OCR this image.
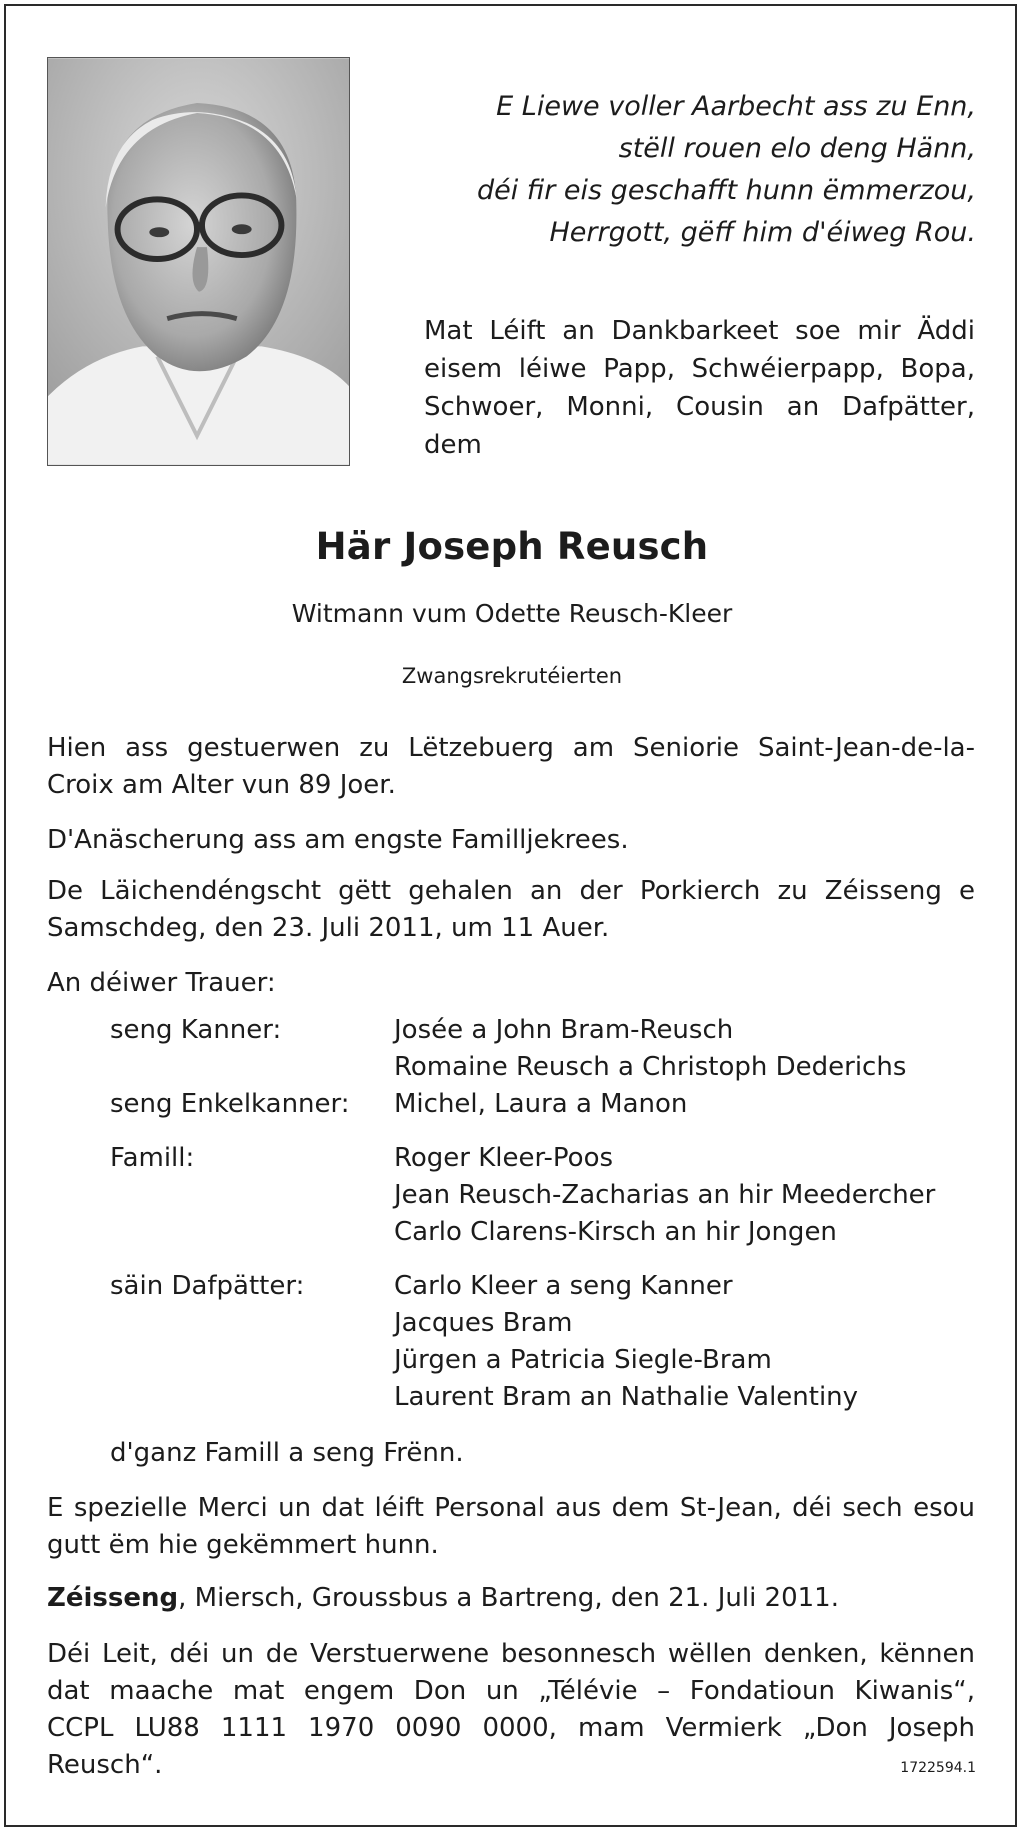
E Liewe voller Aarbecht ass zu Enn,
stëll rouen elo deng Hänn,
déi fir eis geschafft hunn ëmmerzou,
Herrgott, gëff him d'éiweg Rou.
Mat Léift an Dankbarkeet soe mir Äddi
eisem léiwe Papp, Schwéierpapp, Bopa,
Schwoer, Monni, Cousin an Dafpätter,
dem
Här Joseph Reusch
Witmann vum Odette Reusch-Kleer
Zwangsrekrutéierten
Hien ass gestuerwen zu Lëtzebuerg am Seniorie Saint-Jean-de-la-
Croix am Alter vun 89 Joer.
D'Anäscherung ass am engste Familljekrees.
De Läichendéngscht gëtt gehalen an der Porkierch zu Zéisseng e
Samschdeg, den 23. Juli 2011, um 11 Auer.
An déiwer Trauer:
seng Kanner:	Josée a John Bram-Reusch
Romaine Reusch a Christoph Dederichs
seng Enkelkanner: Michel, Laura a Manon
Famill:	Roger Kleer-Poos
Jean Reusch-Zacharias an hir Meedercher
Carlo Clarens-Kirsch an hir Jongen
säin Dafpätter:	Carlo Kleer a seng Kanner
Jacques Bram
Jürgen a Patricia Siegle-Bram
Laurent Bram an Nathalie Valentiny
d'ganz Famill a seng Frënn.
E spezielle Merci un dat léift Personal aus dem St-Jean, déi sech esou
gutt ëm hie gekëmmert hunn.
Zéisseng, Miersch, Groussbus a Bartreng, den 21. Juli 2011.
Déi Leit, déi un de Verstuerwene besonnesch wëllen denken, kënnen
dat maache mat engem Don un „Télévie – Fondatioun Kiwanis“,
CCPL LU88 1111 1970 0090 0000, mam Vermierk „Don Joseph
Reusch“.	1722594.1
